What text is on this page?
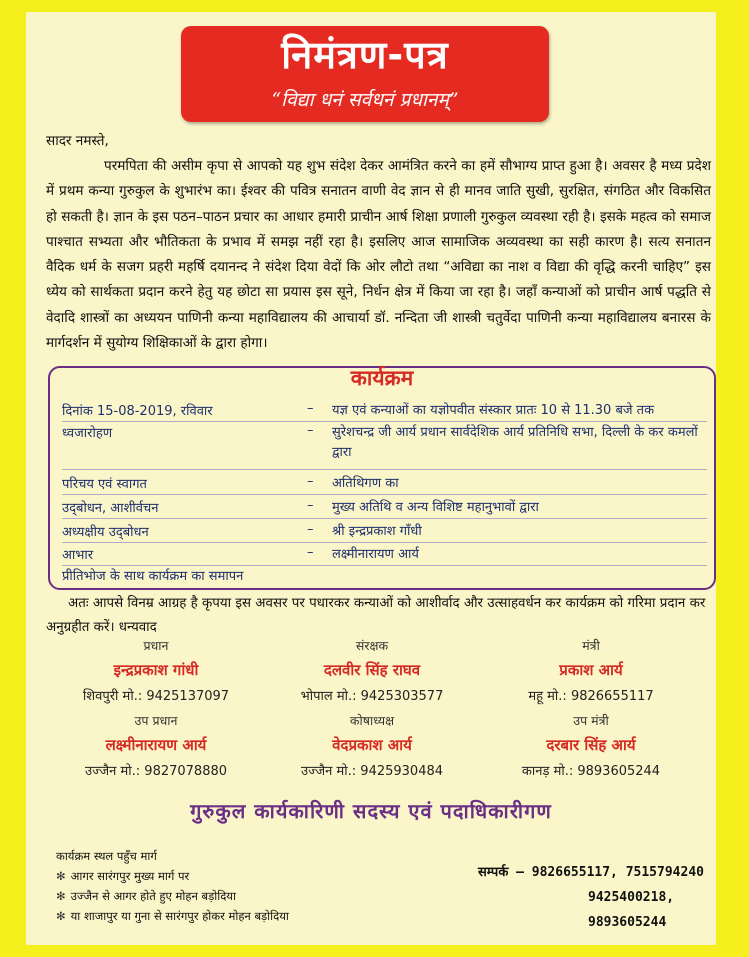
निमंत्रण-पत्र
“विद्या धनं सर्वधनं प्रधानम्”
सादर नमस्ते,
परमपिता की असीम कृपा से आपको यह शुभ संदेश देकर आमंत्रित करने का हमें सौभाग्य प्राप्त हुआ है। अवसर है मध्य प्रदेश में प्रथम कन्या गुरुकुल के शुभारंभ का। ईश्वर की पवित्र सनातन वाणी वेद ज्ञान से ही मानव जाति सुखी, सुरक्षित, संगठित और विकसित हो सकती है। ज्ञान के इस पठन–पाठन प्रचार का आधार हमारी प्राचीन आर्ष शिक्षा प्रणाली गुरुकुल व्यवस्था रही है। इसके महत्व को समाज पाश्चात सभ्यता और भौतिकता के प्रभाव में समझ नहीं रहा है। इसलिए आज सामाजिक अव्यवस्था का सही कारण है। सत्य सनातन वैदिक धर्म के सजग प्रहरी महर्षि दयानन्द ने संदेश दिया वेदों कि ओर लौटो तथा “अविद्या का नाश व विद्या की वृद्धि करनी चाहिए” इस ध्येय को सार्थकता प्रदान करने हेतु यह छोटा सा प्रयास इस सूने, निर्धन क्षेत्र में किया जा रहा है। जहाँ कन्याओं को प्राचीन आर्ष पद्धति से वेदादि शास्त्रों का अध्ययन पाणिनी कन्या महाविद्यालय की आचार्या डॉ. नन्दिता जी शास्त्री चतुर्वेदा पाणिनी कन्या महाविद्यालय बनारस के मार्गदर्शन में सुयोग्य शिक्षिकाओं के द्वारा होगा।
कार्यक्रम
दिनांक 15-08-2019, रविवार	– यज्ञ एवं कन्याओं का यज्ञोपवीत संस्कार प्रातः 10 से 11.30 बजे तक
ध्वजारोहण	– सुरेशचन्द्र जी आर्य प्रधान सार्वदेशिक आर्य प्रतिनिधि सभा, दिल्ली के कर कमलों द्वारा
परिचय एवं स्वागत	– अतिथिगण का
उद्‌बोधन, आशीर्वचन	– मुख्य अतिथि व अन्य विशिष्ट महानुभावों द्वारा
अध्यक्षीय उद्‌बोधन	– श्री इन्द्रप्रकाश गाँधी
आभार	– लक्ष्मीनारायण आर्य
प्रीतिभोज के साथ कार्यक्रम का समापन
अतः आपसे विनम्र आग्रह है कृपया इस अवसर पर पधारकर कन्याओं को आशीर्वाद और उत्साहवर्धन कर कार्यक्रम को गरिमा प्रदान कर अनुग्रहीत करें। धन्यवाद
प्रधान
इन्द्रप्रकाश गांधी
शिवपुरी मो.: 9425137097
संरक्षक
दलवीर सिंह राघव
भोपाल मो.: 9425303577
मंत्री
प्रकाश आर्य
महू मो.: 9826655117
उप प्रधान
लक्ष्मीनारायण आर्य
उज्जैन मो.: 9827078880
कोषाध्यक्ष
वेदप्रकाश आर्य
उज्जैन मो.: 9425930484
उप मंत्री
दरबार सिंह आर्य
कानड़ मो.: 9893605244
गुरुकुल कार्यकारिणी सदस्य एवं पदाधिकारीगण
कार्यक्रम स्थल पहुँच मार्ग
✻ आगर सारंगपुर मुख्य मार्ग पर
✻ उज्जैन से आगर होते हुए मोहन बड़ोदिया
✻ या शाजापुर या गुना से सारंगपुर होकर मोहन बड़ोदिया
सम्पर्क – 9826655117, 7515794240
9425400218, 9893605244
